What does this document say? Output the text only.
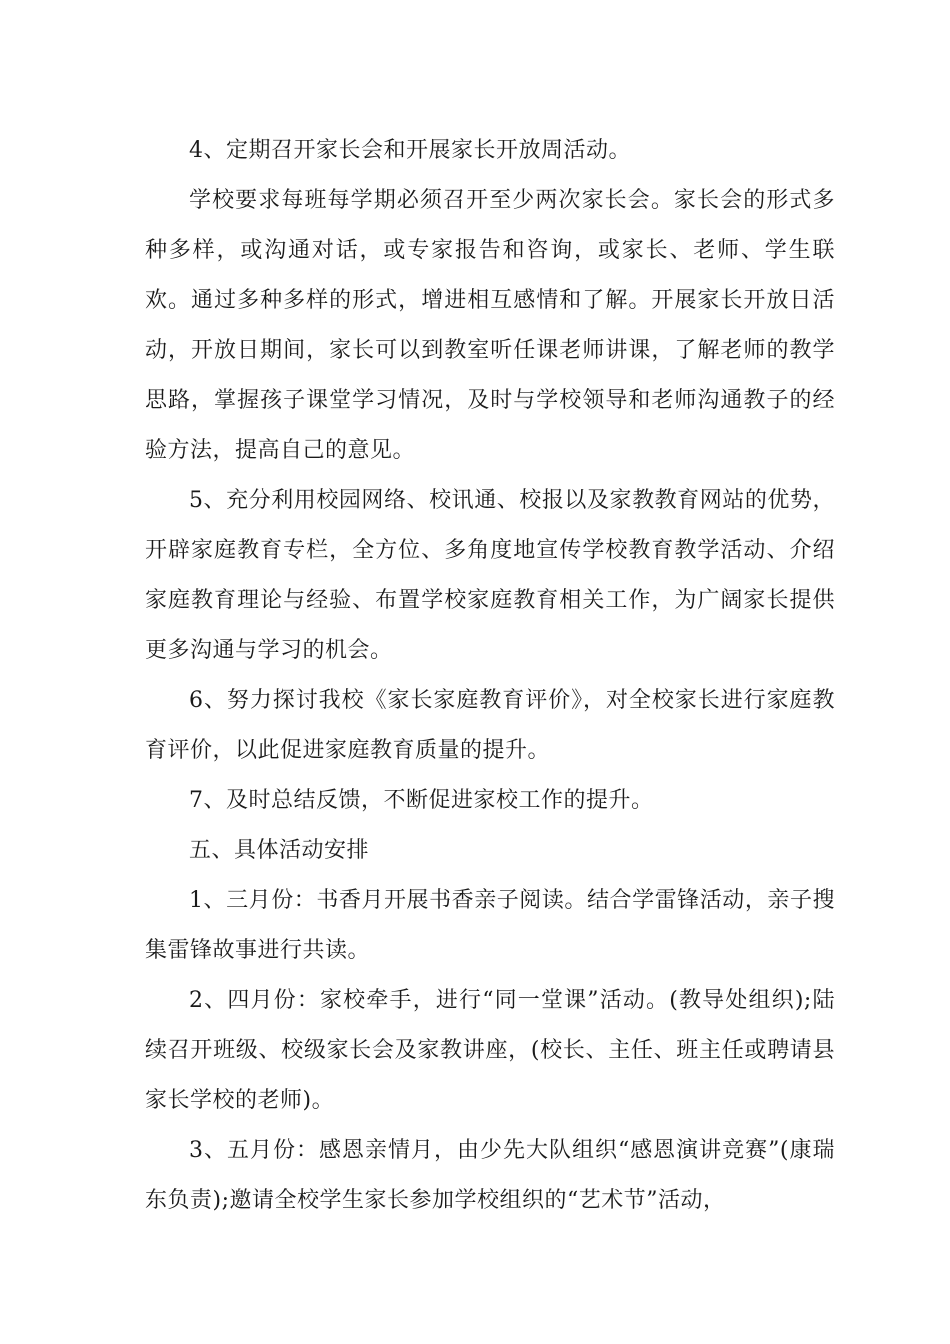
4、定期召开家长会和开展家长开放周活动。

学校要求每班每学期必须召开至少两次家长会。家长会的形式多种多样，或沟通对话，或专家报告和咨询，或家长、老师、学生联欢。通过多种多样的形式，增进相互感情和了解。开展家长开放日活动，开放日期间，家长可以到教室听任课老师讲课，了解老师的教学思路，掌握孩子课堂学习情况，及时与学校领导和老师沟通教子的经验方法，提高自己的意见。

5、充分利用校园网络、校讯通、校报以及家教教育网站的优势，开辟家庭教育专栏，全方位、多角度地宣传学校教育教学活动、介绍家庭教育理论与经验、布置学校家庭教育相关工作，为广阔家长提供更多沟通与学习的机会。

6、努力探讨我校《家长家庭教育评价》，对全校家长进行家庭教育评价，以此促进家庭教育质量的提升。

7、及时总结反馈，不断促进家校工作的提升。

五、具体活动安排

1、三月份：书香月开展书香亲子阅读。结合学雷锋活动，亲子搜集雷锋故事进行共读。

2、四月份：家校牵手，进行“同一堂课”活动。(教导处组织);陆续召开班级、校级家长会及家教讲座，(校长、主任、班主任或聘请县家长学校的老师)。

3、五月份：感恩亲情月，由少先大队组织“感恩演讲竞赛”(康瑞东负责);邀请全校学生家长参加学校组织的“艺术节”活动，
